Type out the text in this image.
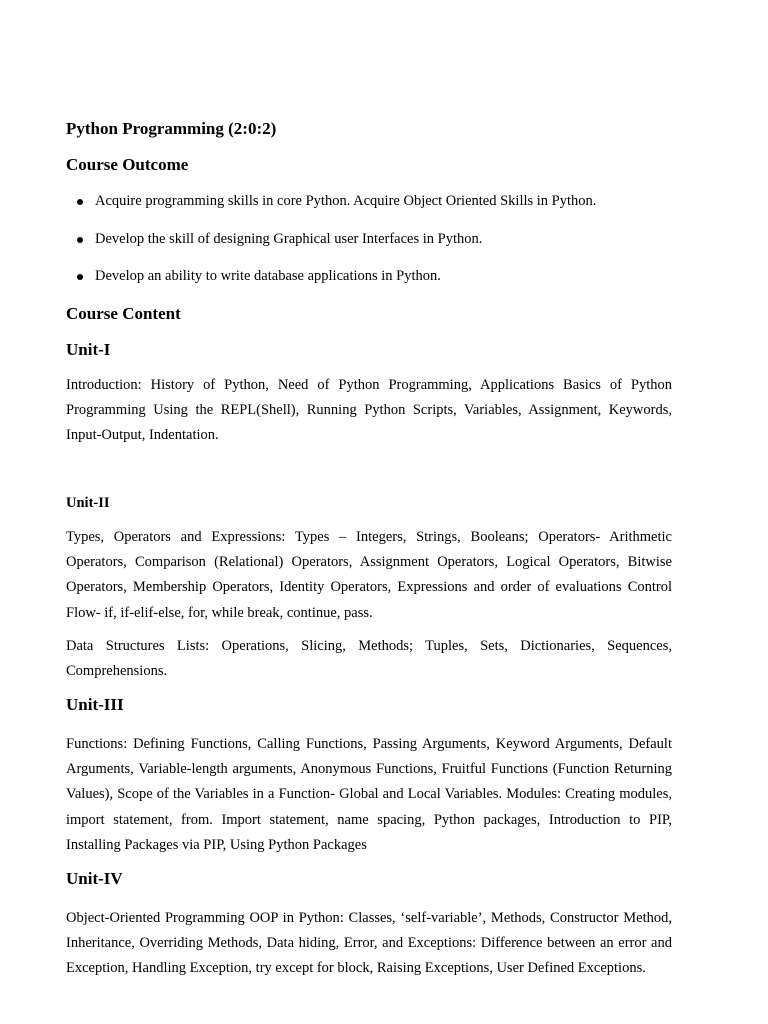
Python Programming (2:0:2)
Course Outcome
Acquire programming skills in core Python. Acquire Object Oriented Skills in Python.
Develop the skill of designing Graphical user Interfaces in Python.
Develop an ability to write database applications in Python.
Course Content
Unit-I
Introduction: History of Python, Need of Python Programming, Applications Basics of Python Programming Using the REPL(Shell), Running Python Scripts, Variables, Assignment, Keywords, Input-Output, Indentation.
Unit-II
Types, Operators and Expressions: Types – Integers, Strings, Booleans; Operators- Arithmetic Operators, Comparison (Relational) Operators, Assignment Operators, Logical Operators, Bitwise Operators, Membership Operators, Identity Operators, Expressions and order of evaluations Control Flow- if, if-elif-else, for, while break, continue, pass.
Data Structures Lists: Operations, Slicing, Methods; Tuples, Sets, Dictionaries, Sequences, Comprehensions.
Unit-III
Functions: Defining Functions, Calling Functions, Passing Arguments, Keyword Arguments, Default Arguments, Variable-length arguments, Anonymous Functions, Fruitful Functions (Function Returning Values), Scope of the Variables in a Function- Global and Local Variables. Modules: Creating modules, import statement, from. Import statement, name spacing, Python packages, Introduction to PIP, Installing Packages via PIP, Using Python Packages
Unit-IV
Object-Oriented Programming OOP in Python: Classes, ‘self-variable’, Methods, Constructor Method, Inheritance, Overriding Methods, Data hiding, Error, and Exceptions: Difference between an error and Exception, Handling Exception, try except for block, Raising Exceptions, User Defined Exceptions.
